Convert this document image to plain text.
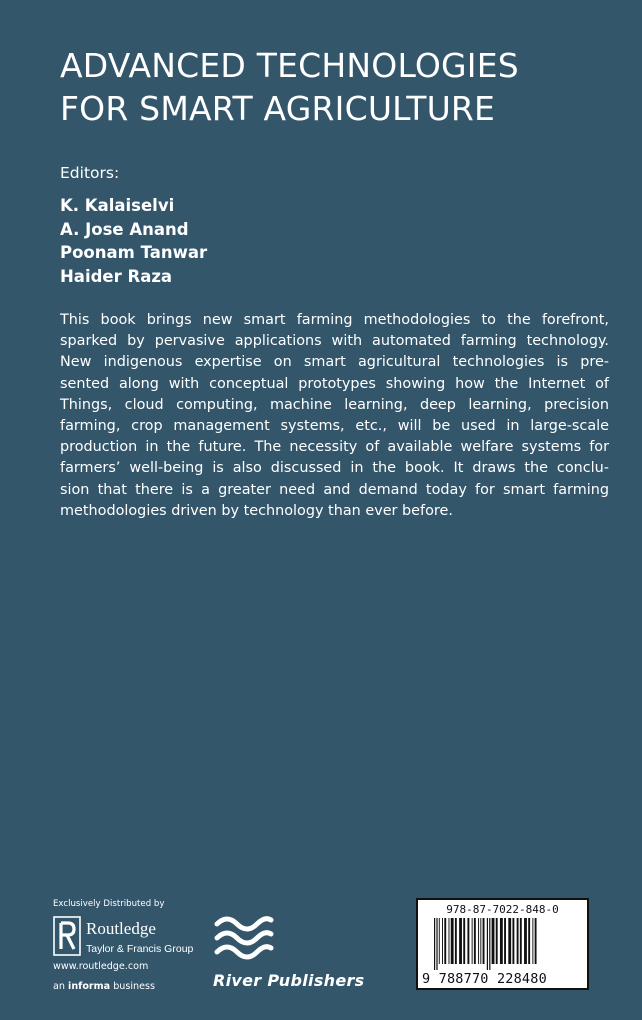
ADVANCED TECHNOLOGIES
FOR SMART AGRICULTURE
Editors:
K. Kalaiselvi
A. Jose Anand
Poonam Tanwar
Haider Raza

This book brings new smart farming methodologies to the forefront,
sparked by pervasive applications with automated farming technology.
New indigenous expertise on smart agricultural technologies is pre-
sented along with conceptual prototypes showing how the Internet of
Things, cloud computing, machine learning, deep learning, precision
farming, crop management systems, etc., will be used in large-scale
production in the future. The necessity of available welfare systems for
farmers’ well-being is also discussed in the book. It draws the conclu-
sion that there is a greater need and demand today for smart farming
methodologies driven by technology than ever before.

Exclusively Distributed by
Routledge
Taylor & Francis Group
www.routledge.com
an informa business	River Publishers
978-87-7022-848-0
9 788770 228480
